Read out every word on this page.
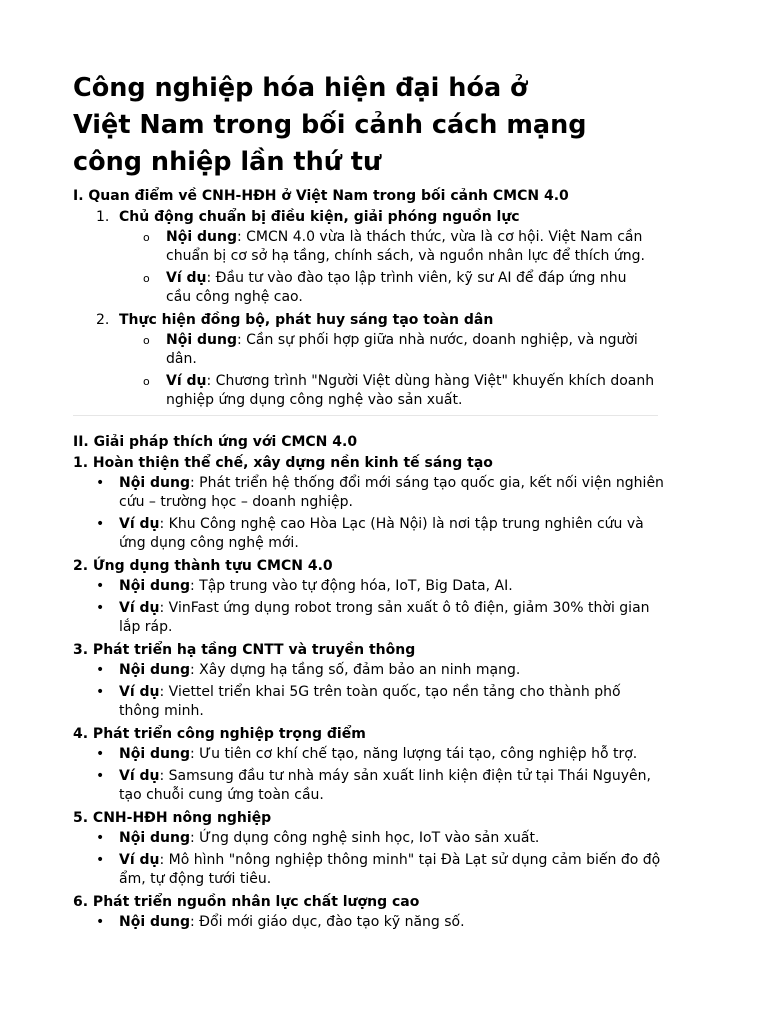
Công nghiệp hóa hiện đại hóa ở
Việt Nam trong bối cảnh cách mạng
công nhiệp lần thứ tư

I. Quan điểm về CNH-HĐH ở Việt Nam trong bối cảnh CMCN 4.0

1. Chủ động chuẩn bị điều kiện, giải phóng nguồn lực

o Nội dung: CMCN 4.0 vừa là thách thức, vừa là cơ hội. Việt Nam cần chuẩn bị cơ sở hạ tầng, chính sách, và nguồn nhân lực để thích ứng.
o Ví dụ: Đầu tư vào đào tạo lập trình viên, kỹ sư AI để đáp ứng nhu cầu công nghệ cao.

2. Thực hiện đồng bộ, phát huy sáng tạo toàn dân

o Nội dung: Cần sự phối hợp giữa nhà nước, doanh nghiệp, và người dân.
o Ví dụ: Chương trình "Người Việt dùng hàng Việt" khuyến khích doanh nghiệp ứng dụng công nghệ vào sản xuất.

II. Giải pháp thích ứng với CMCN 4.0

1. Hoàn thiện thể chế, xây dựng nền kinh tế sáng tạo

• Nội dung: Phát triển hệ thống đổi mới sáng tạo quốc gia, kết nối viện nghiên cứu – trường học – doanh nghiệp.
• Ví dụ: Khu Công nghệ cao Hòa Lạc (Hà Nội) là nơi tập trung nghiên cứu và ứng dụng công nghệ mới.

2. Ứng dụng thành tựu CMCN 4.0

• Nội dung: Tập trung vào tự động hóa, IoT, Big Data, AI.
• Ví dụ: VinFast ứng dụng robot trong sản xuất ô tô điện, giảm 30% thời gian lắp ráp.

3. Phát triển hạ tầng CNTT và truyền thông

• Nội dung: Xây dựng hạ tầng số, đảm bảo an ninh mạng.
• Ví dụ: Viettel triển khai 5G trên toàn quốc, tạo nền tảng cho thành phố thông minh.

4. Phát triển công nghiệp trọng điểm

• Nội dung: Ưu tiên cơ khí chế tạo, năng lượng tái tạo, công nghiệp hỗ trợ.
• Ví dụ: Samsung đầu tư nhà máy sản xuất linh kiện điện tử tại Thái Nguyên, tạo chuỗi cung ứng toàn cầu.

5. CNH-HĐH nông nghiệp

• Nội dung: Ứng dụng công nghệ sinh học, IoT vào sản xuất.
• Ví dụ: Mô hình "nông nghiệp thông minh" tại Đà Lạt sử dụng cảm biến đo độ ẩm, tự động tưới tiêu.

6. Phát triển nguồn nhân lực chất lượng cao

• Nội dung: Đổi mới giáo dục, đào tạo kỹ năng số.
